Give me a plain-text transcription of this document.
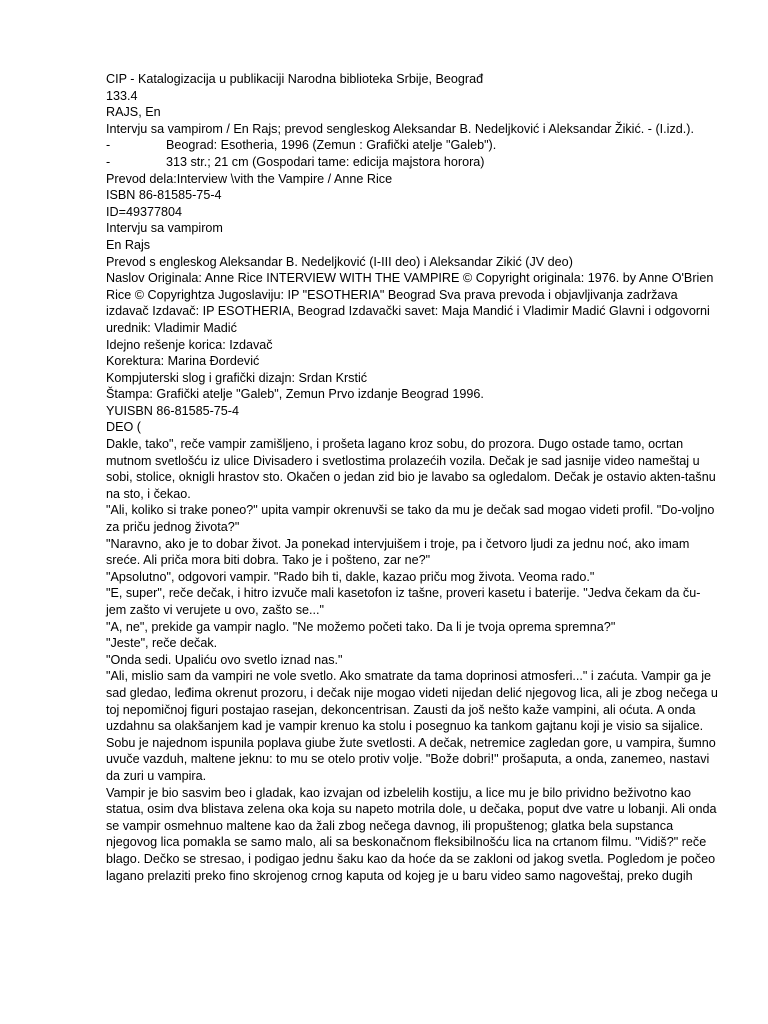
CIP - Katalogizacija u publikaciji Narodna biblioteka Srbije, Beograđ
133.4
RAJS, En
Intervju sa vampirom / En Rajs; prevod sengleskog Aleksandar B. Nedeljković i Aleksandar Žikić. - (I.izd.).
-	Beograd: Esotheria, 1996 (Zemun : Grafički atelje "Galeb").
-	313 str.; 21 cm (Gospodari tame: edicija majstora horora)
Prevod dela:Interview \vith the Vampire / Anne Rice
ISBN 86-81585-75-4
ID=49377804
Intervju sa vampirom
En Rajs
Prevod s engleskog Aleksandar B. Nedeljković (I-III deo) i Aleksandar Zikić (JV deo)
Naslov Originala: Anne Rice INTERVIEW WITH THE VAMPIRE © Copyright originala: 1976. by Anne O'Brien Rice © Copyrightza Jugoslaviju: IP "ESOTHERIA" Beograd Sva prava prevoda i objavljivanja zadržava izdavač Izdavač: IP ESOTHERIA, Beograd Izdavački savet: Maja Mandić i Vladimir Madić Glavni i odgovorni urednik: Vladimir Madić
Idejno rešenje korica: Izdavač
Korektura: Marina Đordević
Kompjuterski slog i grafički dizajn: Srdan Krstić
Štampa: Grafički atelje "Galeb", Zemun Prvo izdanje Beograd 1996.
YUISBN 86-81585-75-4
DEO (
Dakle, tako", reče vampir zamišljeno, i prošeta lagano kroz sobu, do prozora. Dugo ostade tamo, ocrtan mutnom svetlošću iz ulice Divisadero i svetlostima prolazećih vozila. Dečak je sad jasnije video nameštaj u sobi, stolice, oknigli hrastov sto. Okačen o jedan zid bio je lavabo sa ogledalom. Dečak je ostavio akten-tašnu na sto, i čekao.
"Ali, koliko si trake poneo?" upita vampir okrenuvši se tako da mu je dečak sad mogao videti profil. "Do-voljno za priču jednog života?"
"Naravno, ako je to dobar život. Ja ponekad intervjuišem i troje, pa i četvoro ljudi za jednu noć, ako imam sreće. Ali priča mora biti dobra. Tako je i pošteno, zar ne?"
"Apsolutno", odgovori vampir. "Rado bih ti, dakle, kazao priču mog života. Veoma rado."
"E, super", reče dečak, i hitro izvuče mali kasetofon iz tašne, proveri kasetu i baterije. "Jedva čekam da ču-jem zašto vi verujete u ovo, zašto se..."
"A, ne", prekide ga vampir naglo. "Ne možemo početi tako. Da li je tvoja oprema spremna?"
"Jeste", reče dečak.
"Onda sedi. Upaliću ovo svetlo iznad nas."
"Ali, mislio sam da vampiri ne vole svetlo. Ako smatrate da tama doprinosi atmosferi..." i zaćuta. Vampir ga je sad gledao, leđima okrenut prozoru, i dečak nije mogao videti nijedan delić njegovog lica, ali je zbog nečega u toj nepomičnoj figuri postajao rasejan, dekoncentrisan. Zausti da još nešto kaže vampini, ali oćuta. A onda uzdahnu sa olakšanjem kad je vampir krenuo ka stolu i posegnuo ka tankom gajtanu koji je visio sa sijalice.
Sobu je najednom ispunila poplava giube žute svetlosti. A dečak, netremice zagledan gore, u vampira, šumno uvuče vazduh, maltene jeknu: to mu se otelo protiv volje. "Bože dobri!" prošaputa, a onda, zanemeo, nastavi da zuri u vampira.
Vampir je bio sasvim beo i gladak, kao izvajan od izbelelih kostiju, a lice mu je bilo prividno beživotno kao statua, osim dva blistava zelena oka koja su napeto motrila dole, u dečaka, poput dve vatre u lobanji. Ali onda se vampir osmehnuo maltene kao da žali zbog nečega davnog, ili propuštenog; glatka bela supstanca njegovog lica pomakla se samo malo, ali sa beskonačnom fleksibilnošću lica na crtanom filmu. "Vidiš?" reče blago. Dečko se stresao, i podigao jednu šaku kao da hoće da se zakloni od jakog svetla. Pogledom je počeo lagano prelaziti preko fino skrojenog crnog kaputa od kojeg je u baru video samo nagoveštaj, preko dugih
